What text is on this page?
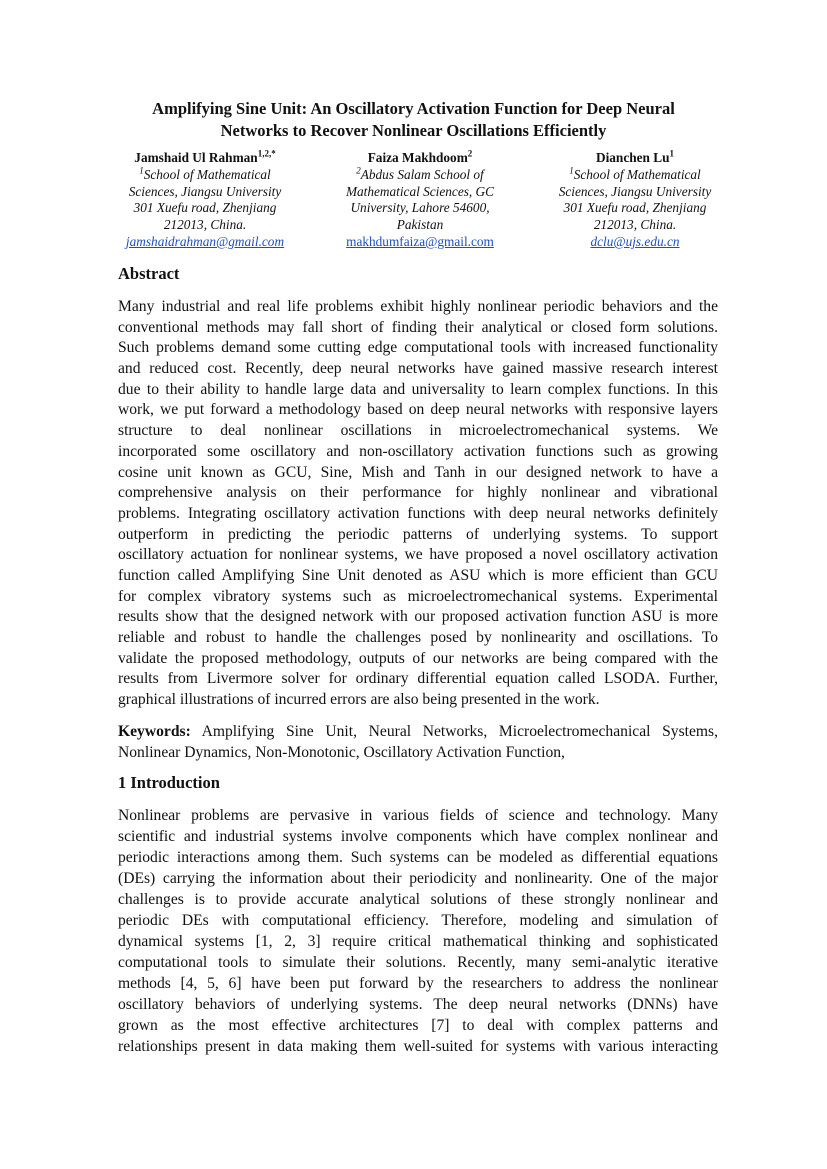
Amplifying Sine Unit: An Oscillatory Activation Function for Deep Neural
Networks to Recover Nonlinear Oscillations Efficiently
Jamshaid Ul Rahman$^{1,2,*}$
$^1$School of Mathematical
Sciences, Jiangsu University
301 Xuefu road, Zhenjiang
212013, China.
jamshaidrahman@gmail.com
Faiza Makhdoom$^2$
$^2$Abdus Salam School of
Mathematical Sciences, GC
University, Lahore 54600,
Pakistan
makhdumfaiza@gmail.com
Dianchen Lu$^1$
$^1$School of Mathematical
Sciences, Jiangsu University
301 Xuefu road, Zhenjiang
212013, China.
dclu@ujs.edu.cn
Abstract
Many industrial and real life problems exhibit highly nonlinear periodic behaviors and the
conventional methods may fall short of finding their analytical or closed form solutions.
Such problems demand some cutting edge computational tools with increased functionality
and reduced cost. Recently, deep neural networks have gained massive research interest
due to their ability to handle large data and universality to learn complex functions. In this
work, we put forward a methodology based on deep neural networks with responsive layers
structure to deal nonlinear oscillations in microelectromechanical systems. We
incorporated some oscillatory and non-oscillatory activation functions such as growing
cosine unit known as GCU, Sine, Mish and Tanh in our designed network to have a
comprehensive analysis on their performance for highly nonlinear and vibrational
problems. Integrating oscillatory activation functions with deep neural networks definitely
outperform in predicting the periodic patterns of underlying systems. To support
oscillatory actuation for nonlinear systems, we have proposed a novel oscillatory activation
function called Amplifying Sine Unit denoted as ASU which is more efficient than GCU
for complex vibratory systems such as microelectromechanical systems. Experimental
results show that the designed network with our proposed activation function ASU is more
reliable and robust to handle the challenges posed by nonlinearity and oscillations. To
validate the proposed methodology, outputs of our networks are being compared with the
results from Livermore solver for ordinary differential equation called LSODA. Further,
graphical illustrations of incurred errors are also being presented in the work.
Keywords: Amplifying Sine Unit, Neural Networks, Microelectromechanical Systems,
Nonlinear Dynamics, Non-Monotonic, Oscillatory Activation Function,
1 Introduction
Nonlinear problems are pervasive in various fields of science and technology. Many
scientific and industrial systems involve components which have complex nonlinear and
periodic interactions among them. Such systems can be modeled as differential equations
(DEs) carrying the information about their periodicity and nonlinearity. One of the major
challenges is to provide accurate analytical solutions of these strongly nonlinear and
periodic DEs with computational efficiency. Therefore, modeling and simulation of
dynamical systems [1, 2, 3] require critical mathematical thinking and sophisticated
computational tools to simulate their solutions. Recently, many semi-analytic iterative
methods [4, 5, 6] have been put forward by the researchers to address the nonlinear
oscillatory behaviors of underlying systems. The deep neural networks (DNNs) have
grown as the most effective architectures [7] to deal with complex patterns and
relationships present in data making them well-suited for systems with various interacting
